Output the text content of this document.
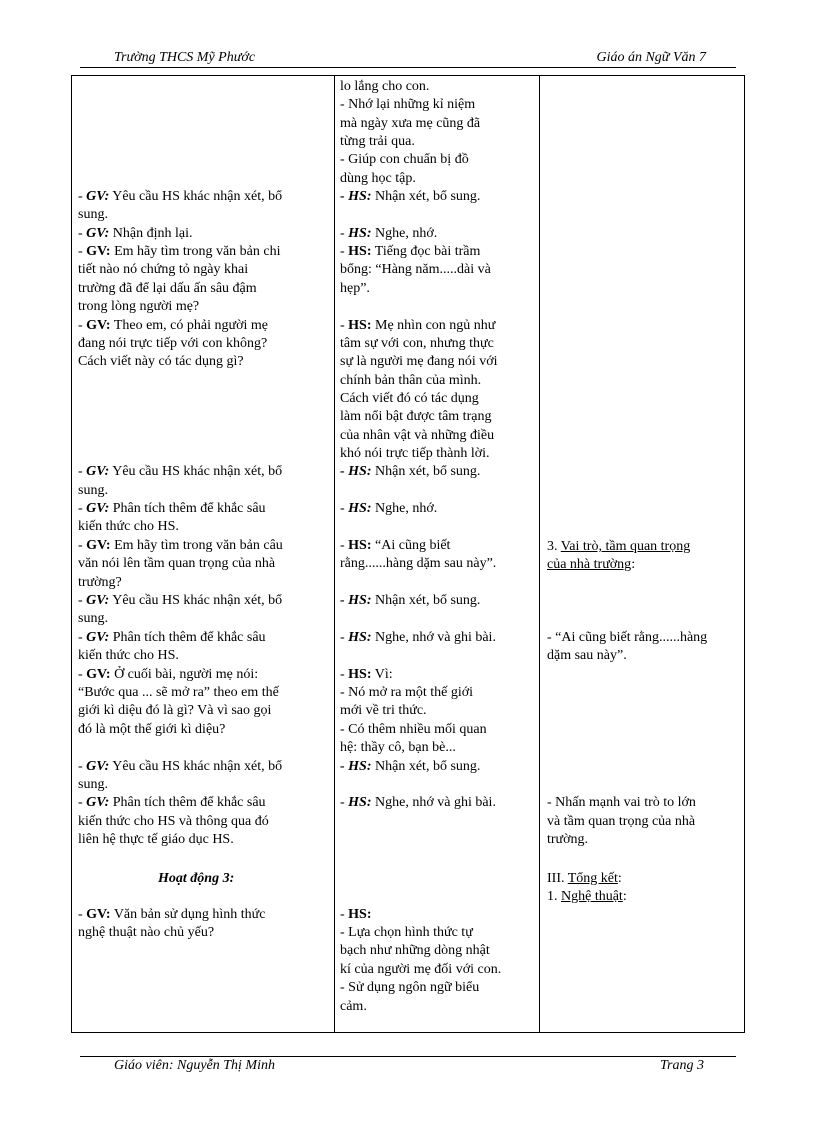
Trường THCS Mỹ Phước	Giáo án Ngữ Văn 7

- GV: Yêu cầu HS khác nhận xét, bổ

sung.

- GV: Nhận định lại.

- GV: Em hãy tìm trong văn bản chi

tiết nào nó chứng tỏ ngày khai

trường đã để lại dấu ấn sâu đậm

trong lòng người mẹ?

- GV: Theo em, có phải người mẹ

đang nói trực tiếp với con không?

Cách viết này có tác dụng gì?

- GV: Yêu cầu HS khác nhận xét, bổ

sung.

- GV: Phân tích thêm để khắc sâu

kiến thức cho HS.

- GV: Em hãy tìm trong văn bản câu

văn nói lên tầm quan trọng của nhà

trường?

- GV: Yêu cầu HS khác nhận xét, bổ

sung.

- GV: Phân tích thêm để khắc sâu

kiến thức cho HS.

- GV: Ở cuối bài, người mẹ nói:

“Bước qua ... sẽ mở ra” theo em thế

giới kì diệu đó là gì? Và vì sao gọi

đó là một thế giới kì diệu?

- GV: Yêu cầu HS khác nhận xét, bổ

sung.

- GV: Phân tích thêm để khắc sâu

kiến thức cho HS và thông qua đó

liên hệ thực tế giáo dục HS.

Hoạt động 3:

- GV: Văn bản sử dụng hình thức

nghệ thuật nào chủ yếu?

lo lắng cho con.

- Nhớ lại những kỉ niệm

mà ngày xưa mẹ cũng đã

từng trải qua.

- Giúp con chuẩn bị đồ

dùng học tập.

- HS: Nhận xét, bổ sung.

- HS: Nghe, nhớ.

- HS: Tiếng đọc bài trầm

bổng: “Hàng năm.....dài và

hẹp”.

- HS: Mẹ nhìn con ngủ như

tâm sự với con, nhưng thực

sự là người mẹ đang nói với

chính bản thân của mình.

Cách viết đó có tác dụng

làm nổi bật được tâm trạng

của nhân vật và những điều

khó nói trực tiếp thành lời.

- HS: Nhận xét, bổ sung.

- HS: Nghe, nhớ.

- HS: “Ai cũng biết

rằng......hàng dặm sau này”.

- HS: Nhận xét, bổ sung.

- HS: Nghe, nhớ và ghi bài.

- HS: Vì:

- Nó mở ra một thế giới

mới về tri thức.

- Có thêm nhiều mối quan

hệ: thầy cô, bạn bè...

- HS: Nhận xét, bổ sung.

- HS: Nghe, nhớ và ghi bài.

- HS:

- Lựa chọn hình thức tự

bạch như những dòng nhật

kí của người mẹ đối với con.

- Sử dụng ngôn ngữ biểu

cảm.

3. Vai trò, tầm quan trọng

của nhà trường:

- “Ai cũng biết rằng......hàng

dặm sau này”.

- Nhấn mạnh vai trò to lớn

và tầm quan trọng của nhà

trường.

III. Tổng kết:

1. Nghệ thuật:

Giáo viên: Nguyễn Thị Minh	Trang 3
